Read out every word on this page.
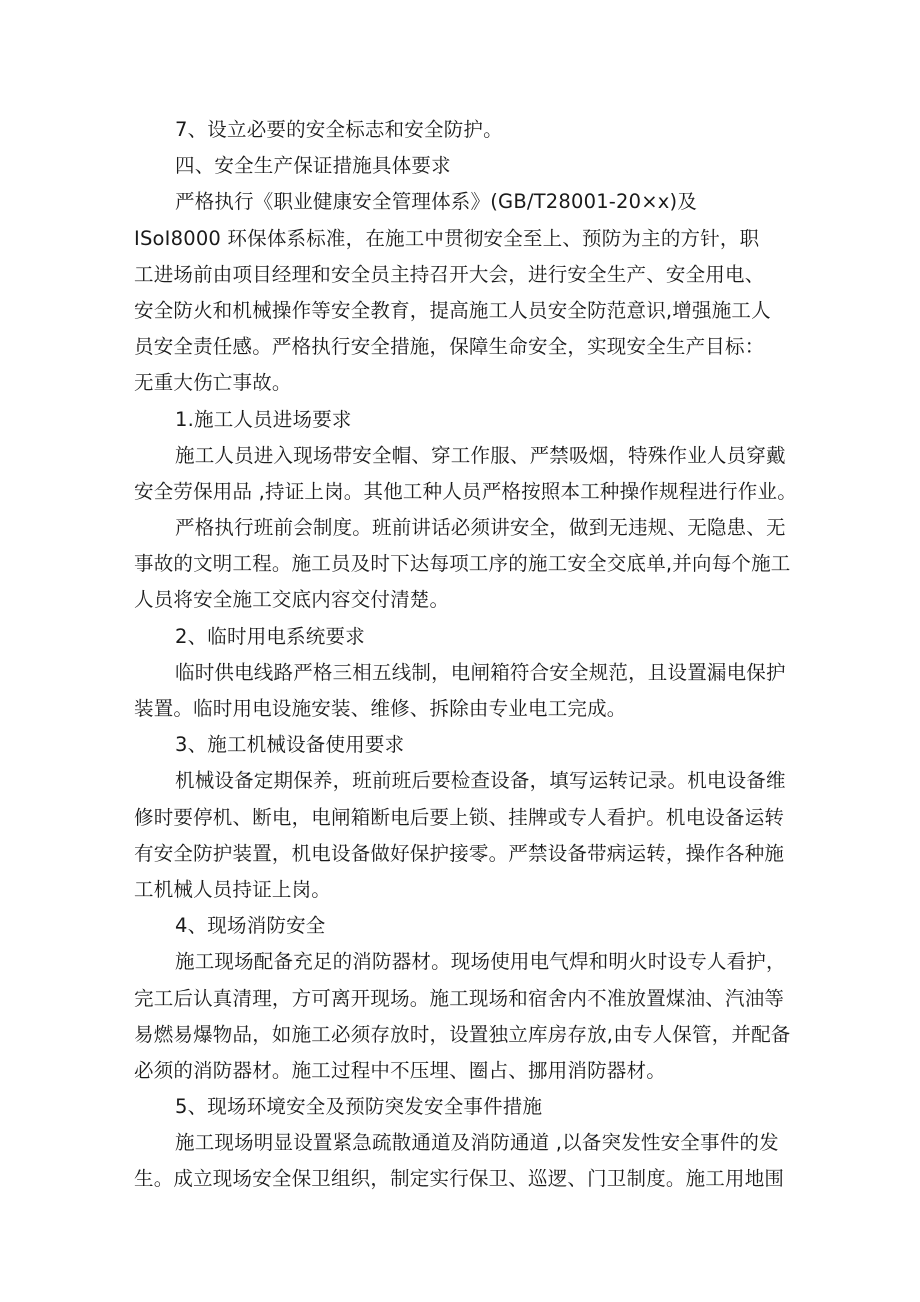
7、设立必要的安全标志和安全防护。
四、安全生产保证措施具体要求
严格执行《职业健康安全管理体系》(GB/T28001-20×x)及
ISoI8000 环保体系标准，在施工中贯彻安全至上、预防为主的方针，职
工进场前由项目经理和安全员主持召开大会，进行安全生产、安全用电、
安全防火和机械操作等安全教育，提高施工人员安全防范意识,增强施工人
员安全责任感。严格执行安全措施，保障生命安全，实现安全生产目标：
无重大伤亡事故。
1.施工人员进场要求
施工人员进入现场带安全帽、穿工作服、严禁吸烟，特殊作业人员穿戴
安全劳保用品 ,持证上岗。其他工种人员严格按照本工种操作规程进行作业。
严格执行班前会制度。班前讲话必须讲安全，做到无违规、无隐患、无
事故的文明工程。施工员及时下达每项工序的施工安全交底单,并向每个施工
人员将安全施工交底内容交付清楚。
2、临时用电系统要求
临时供电线路严格三相五线制，电闸箱符合安全规范，且设置漏电保护
装置。临时用电设施安装、维修、拆除由专业电工完成。
3、施工机械设备使用要求
机械设备定期保养，班前班后要检查设备，填写运转记录。机电设备维
修时要停机、断电，电闸箱断电后要上锁、挂牌或专人看护。机电设备运转
有安全防护装置，机电设备做好保护接零。严禁设备带病运转，操作各种施
工机械人员持证上岗。
4、现场消防安全
施工现场配备充足的消防器材。现场使用电气焊和明火时设专人看护，
完工后认真清理，方可离开现场。施工现场和宿舍内不准放置煤油、汽油等
易燃易爆物品，如施工必须存放时，设置独立库房存放,由专人保管，并配备
必须的消防器材。施工过程中不压埋、圈占、挪用消防器材。
5、现场环境安全及预防突发安全事件措施
施工现场明显设置紧急疏散通道及消防通道 ,以备突发性安全事件的发
生。成立现场安全保卫组织，制定实行保卫、巡逻、门卫制度。施工用地围
